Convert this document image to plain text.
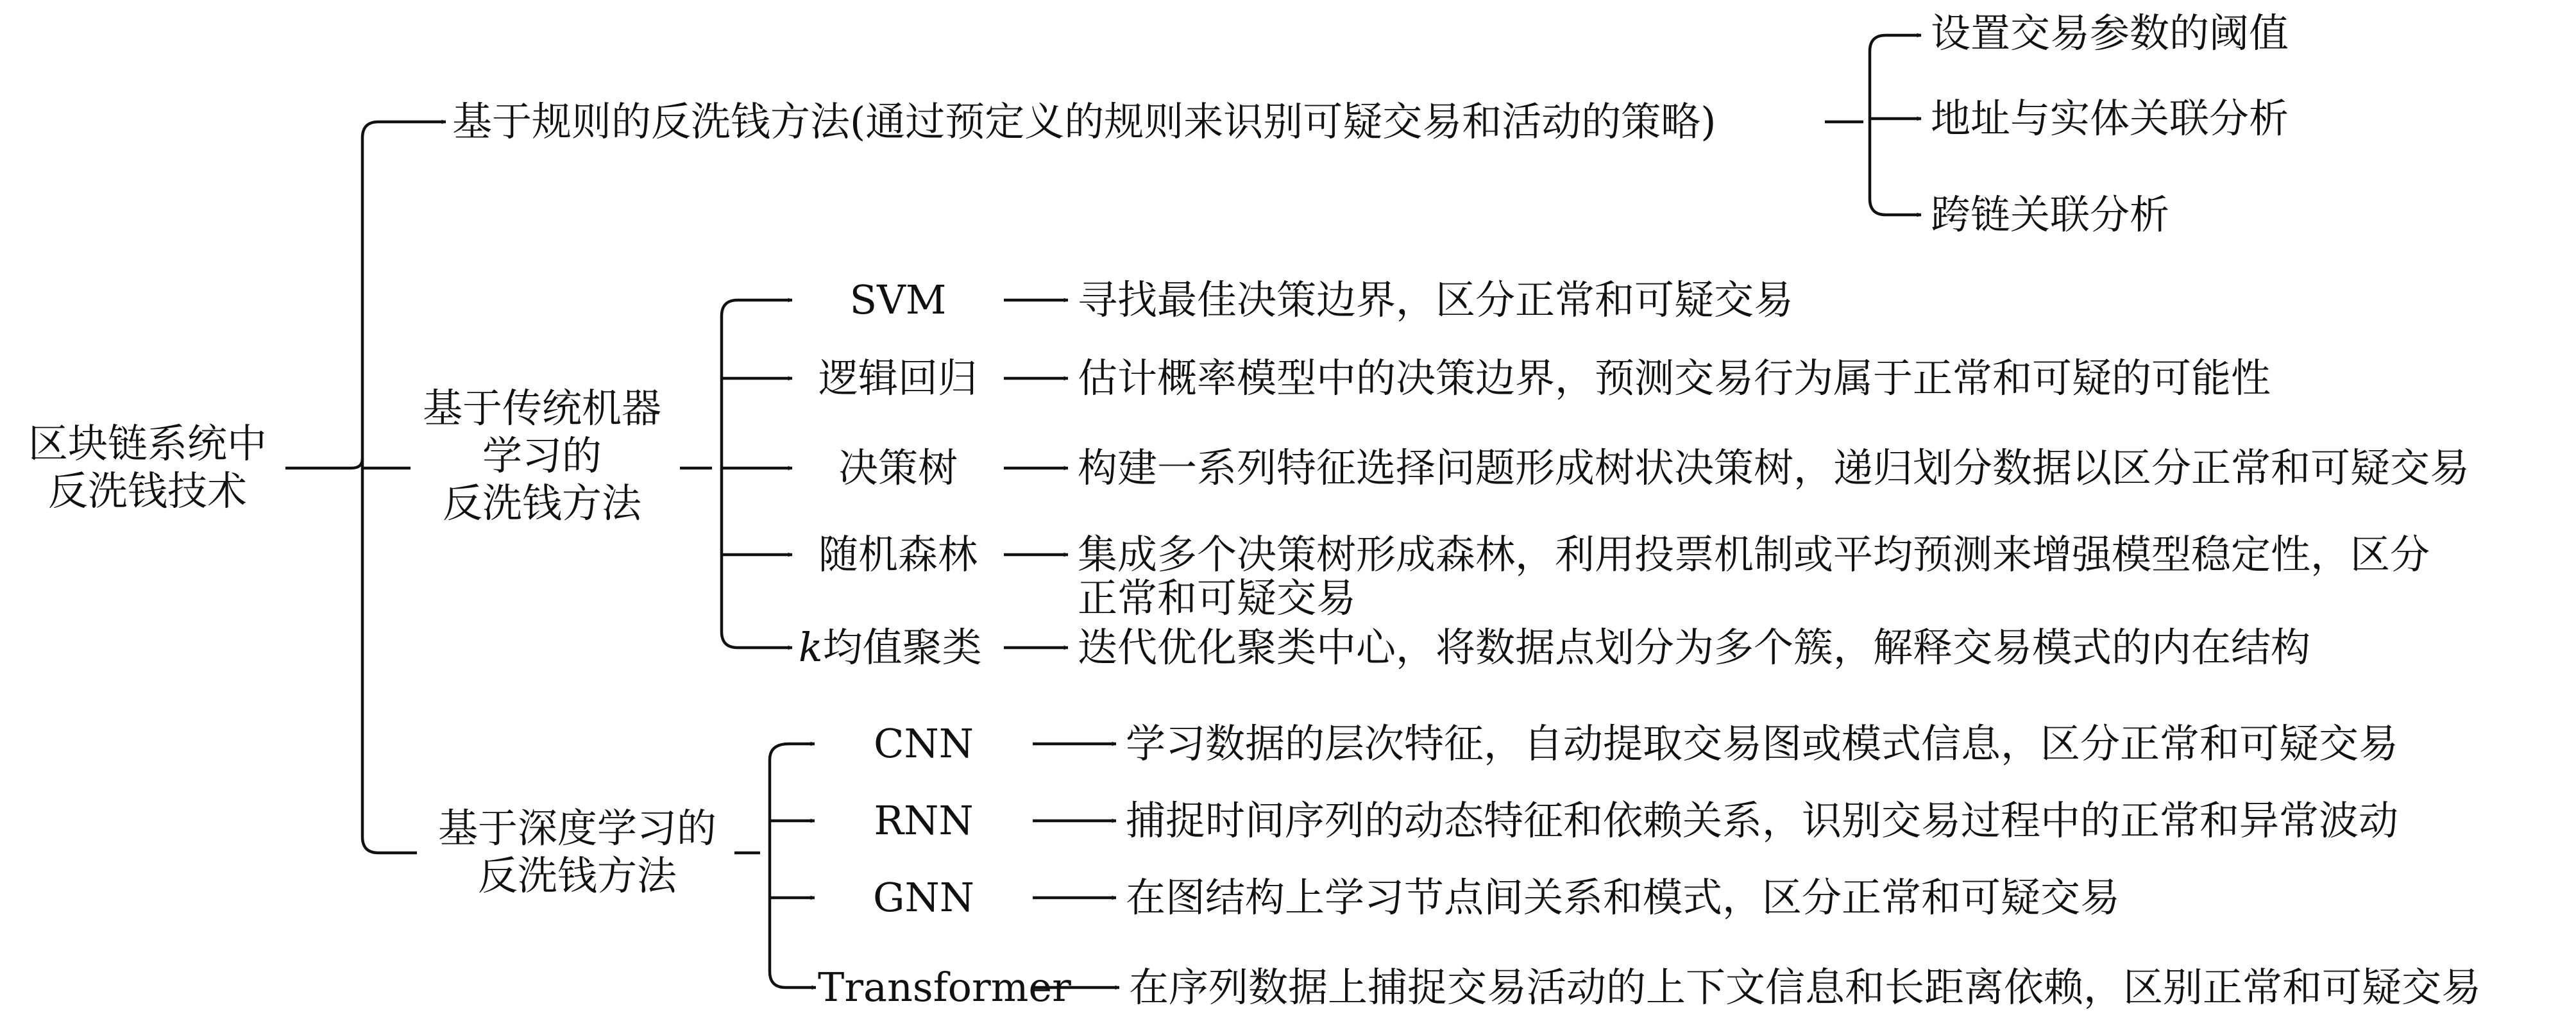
区块链系统中
反洗钱技术
基于规则的反洗钱方法(通过预定义的规则来识别可疑交易和活动的策略)
设置交易参数的阈值
地址与实体关联分析
跨链关联分析
基于传统机器
学习的
反洗钱方法
SVM
逻辑回归
决策树
随机森林
k均值聚类
寻找最佳决策边界，区分正常和可疑交易
估计概率模型中的决策边界，预测交易行为属于正常和可疑的可能性
构建一系列特征选择问题形成树状决策树，递归划分数据以区分正常和可疑交易
集成多个决策树形成森林，利用投票机制或平均预测来增强模型稳定性，区分
正常和可疑交易
迭代优化聚类中心，将数据点划分为多个簇，解释交易模式的内在结构
基于深度学习的
反洗钱方法
CNN
RNN
GNN
Transformer
学习数据的层次特征，自动提取交易图或模式信息，区分正常和可疑交易
捕捉时间序列的动态特征和依赖关系，识别交易过程中的正常和异常波动
在图结构上学习节点间关系和模式，区分正常和可疑交易
在序列数据上捕捉交易活动的上下文信息和长距离依赖，区别正常和可疑交易
